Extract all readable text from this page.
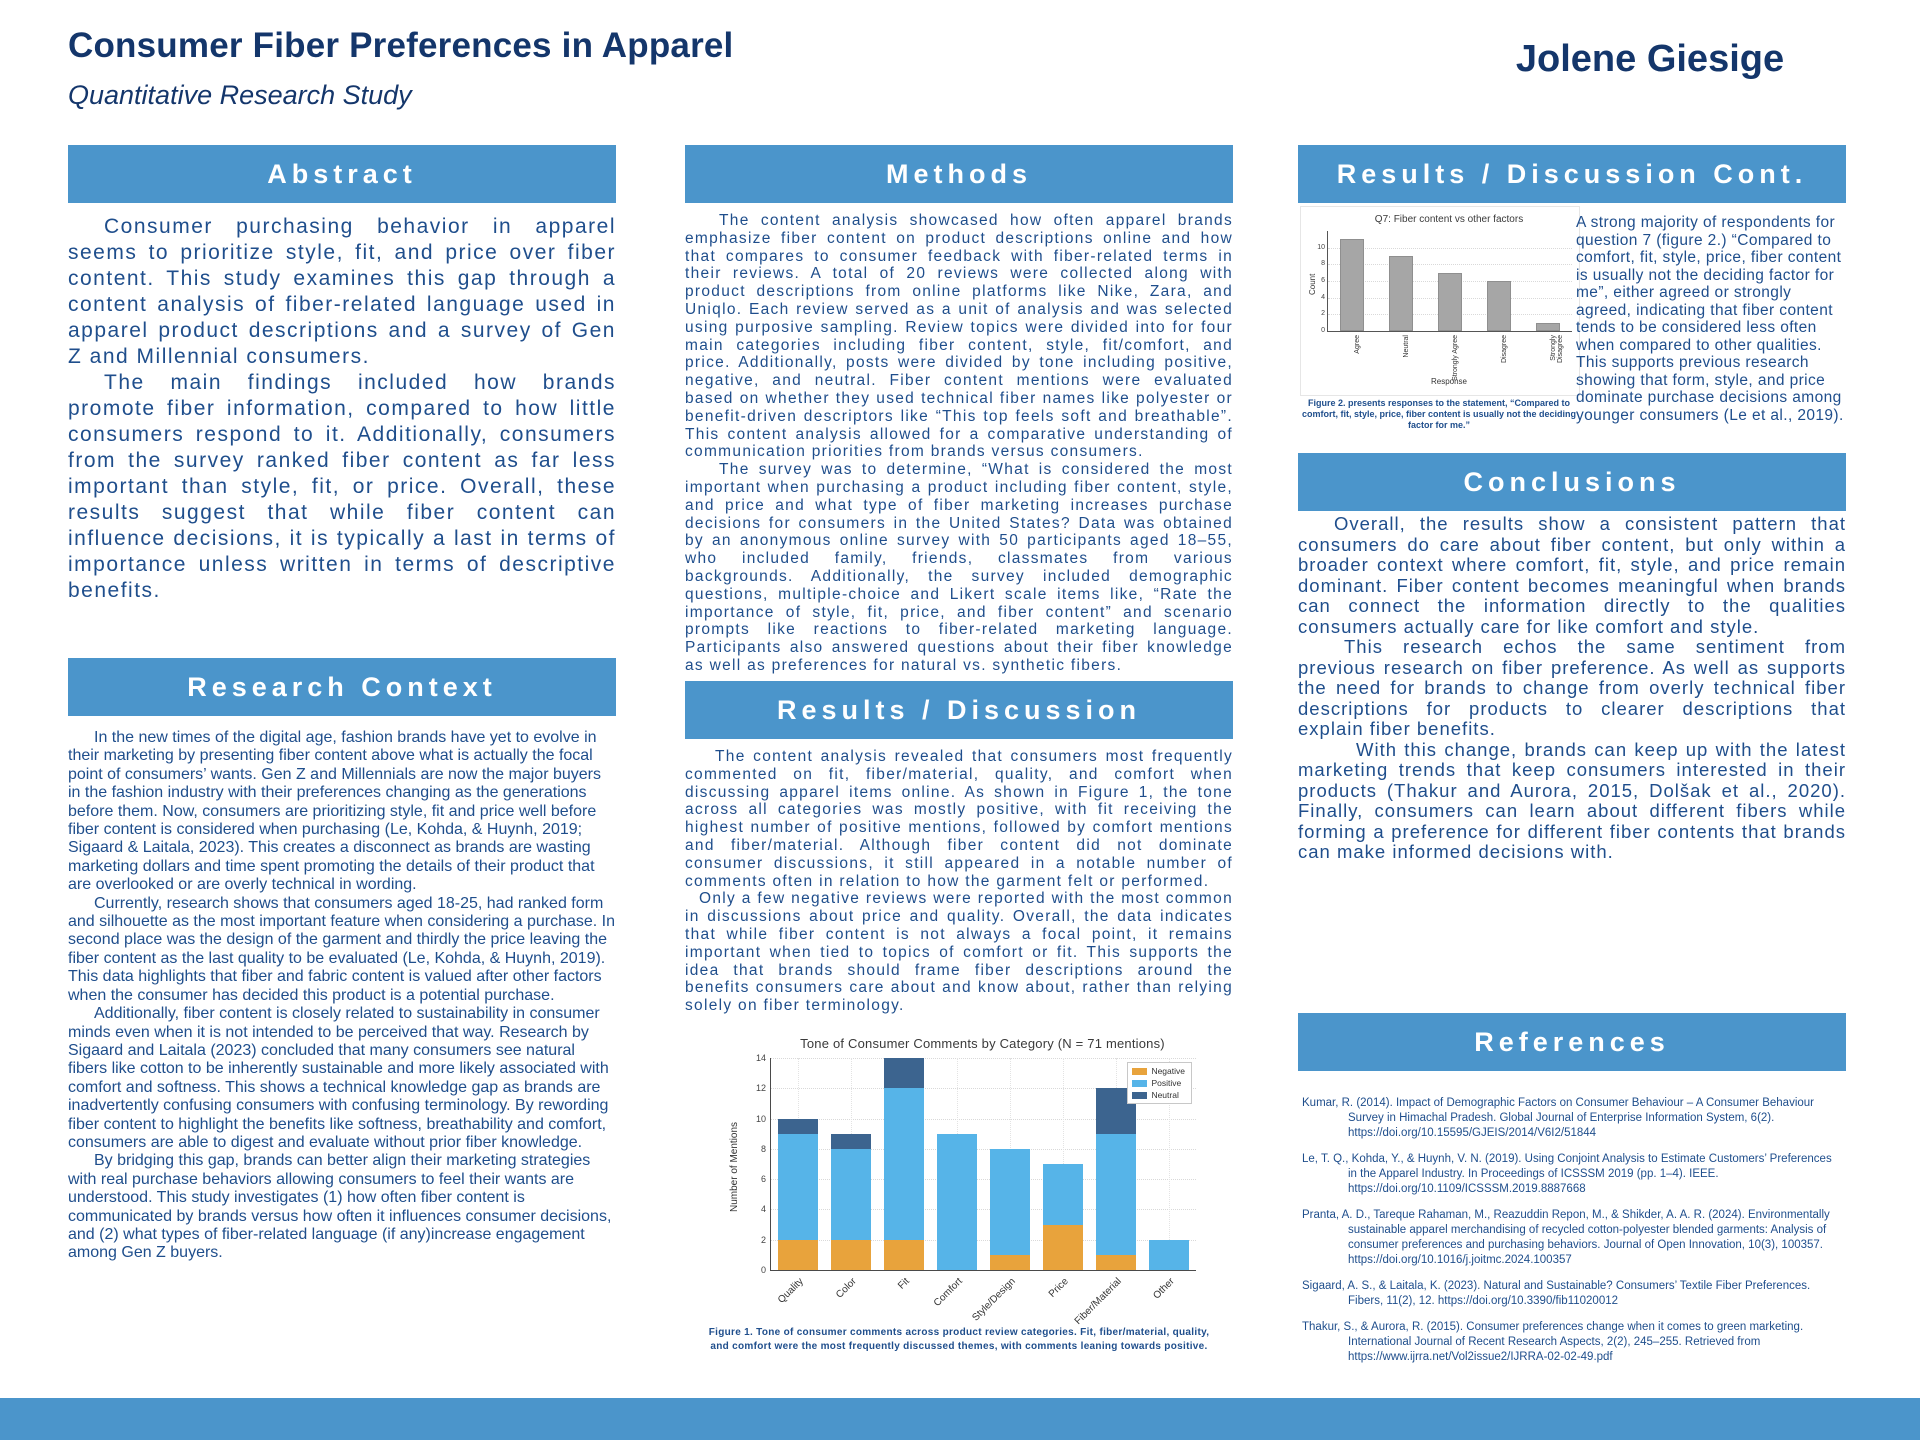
Consumer Fiber Preferences in Apparel
Quantitative Research Study
Jolene Giesige
Abstract

Consumer purchasing behavior in apparel seems to prioritize style, fit, and price over fiber content. This study examines this gap through a content analysis of fiber-related language used in apparel product descriptions and a survey of Gen Z and Millennial consumers.

The main findings included how brands promote fiber information, compared to how little consumers respond to it. Additionally, consumers from the survey ranked fiber content as far less important than style, fit, or price. Overall, these results suggest that while fiber content can influence decisions, it is typically a last in terms of importance unless written in terms of descriptive benefits.

Research Context

In the new times of the digital age, fashion brands have yet to evolve in their marketing by presenting fiber content above what is actually the focal point of consumers’ wants. Gen Z and Millennials are now the major buyers in the fashion industry with their preferences changing as the generations before them. Now, consumers are prioritizing style, fit and price well before fiber content is considered when purchasing (Le, Kohda, & Huynh, 2019; Sigaard & Laitala, 2023). This creates a disconnect as brands are wasting marketing dollars and time spent promoting the details of their product that are overlooked or are overly technical in wording.

Currently, research shows that consumers aged 18-25, had ranked form and silhouette as the most important feature when considering a purchase. In second place was the design of the garment and thirdly the price leaving the fiber content as the last quality to be evaluated (Le, Kohda, & Huynh, 2019). This data highlights that fiber and fabric content is valued after other factors when the consumer has decided this product is a potential purchase.

Additionally, fiber content is closely related to sustainability in consumer minds even when it is not intended to be perceived that way. Research by Sigaard and Laitala (2023) concluded that many consumers see natural fibers like cotton to be inherently sustainable and more likely associated with comfort and softness. This shows a technical knowledge gap as brands are inadvertently confusing consumers with confusing terminology. By rewording fiber content to highlight the benefits like softness, breathability and comfort, consumers are able to digest and evaluate without prior fiber knowledge.

By bridging this gap, brands can better align their marketing strategies with real purchase behaviors allowing consumers to feel their wants are understood. This study investigates (1) how often fiber content is communicated by brands versus how often it influences consumer decisions, and (2) what types of fiber-related language (if any)increase engagement among Gen Z buyers.

Methods

The content analysis showcased how often apparel brands emphasize fiber content on product descriptions online and how that compares to consumer feedback with fiber-related terms in their reviews. A total of 20 reviews were collected along with product descriptions from online platforms like Nike, Zara, and Uniqlo. Each review served as a unit of analysis and was selected using purposive sampling. Review topics were divided into for four main categories including fiber content, style, fit/comfort, and price. Additionally, posts were divided by tone including positive, negative, and neutral. Fiber content mentions were evaluated based on whether they used technical fiber names like polyester or benefit-driven descriptors like “This top feels soft and breathable”. This content analysis allowed for a comparative understanding of communication priorities from brands versus consumers.

The survey was to determine, “What is considered the most important when purchasing a product including fiber content, style, and price and what type of fiber marketing increases purchase decisions for consumers in the United States? Data was obtained by an anonymous online survey with 50 participants aged 18–55, who included family, friends, classmates from various backgrounds. Additionally, the survey included demographic questions, multiple-choice and Likert scale items like, “Rate the importance of style, fit, price, and fiber content” and scenario prompts like reactions to fiber-related marketing language. Participants also answered questions about their fiber knowledge as well as preferences for natural vs. synthetic fibers.

Results / Discussion

The content analysis revealed that consumers most frequently commented on fit, fiber/material, quality, and comfort when discussing apparel items online. As shown in Figure 1, the tone across all categories was mostly positive, with fit receiving the highest number of positive mentions, followed by comfort mentions and fiber/material. Although fiber content did not dominate consumer discussions, it still appeared in a notable number of comments often in relation to how the garment felt or performed.

Only a few negative reviews were reported with the most common in discussions about price and quality. Overall, the data indicates that while fiber content is not always a focal point, it remains important when tied to topics of comfort or fit. This supports the idea that brands should frame fiber descriptions around the benefits consumers care about and know about, rather than relying solely on fiber terminology.

Tone of Consumer Comments by Category (N = 71 mentions)
Number of Mentions
Negative
Positive
Neutral
0
2
4
6
8
10
12
14
Quality	Color	Fit	Comfort Style/Design	Price Fiber/Material	Other
Figure 1. Tone of consumer comments across product review categories. Fit, fiber/material, quality, and comfort were the most frequently discussed themes, with comments leaning towards positive.
Results / Discussion Cont.
Q7: Fiber content vs other factors
Count
0
2
4
6
8
10
Response
Agree	Neutral	Strongly Agree	Disagree	Strongly Disagree
A strong majority of respondents for question 7 (figure 2.) “Compared to comfort, fit, style, price, fiber content is usually not the deciding factor for me”, either agreed or strongly agreed, indicating that fiber content tends to be considered less often when compared to other qualities. This supports previous research showing that form, style, and price dominate purchase decisions among younger consumers (Le et al., 2019).
Figure 2. presents responses to the statement, “Compared to comfort, fit, style, price, fiber content is usually not the deciding factor for me.”
Conclusions

Overall, the results show a consistent pattern that consumers do care about fiber content, but only within a broader context where comfort, fit, style, and price remain dominant. Fiber content becomes meaningful when brands can connect the information directly to the qualities consumers actually care for like comfort and style.

This research echos the same sentiment from previous research on fiber preference. As well as supports the need for brands to change from overly technical fiber descriptions for products to clearer descriptions that explain fiber benefits.

With this change, brands can keep up with the latest marketing trends that keep consumers interested in their products (Thakur and Aurora, 2015, Dolšak et al., 2020). Finally, consumers can learn about different fibers while forming a preference for different fiber contents that brands can make informed decisions with.

References

Kumar, R. (2014). Impact of Demographic Factors on Consumer Behaviour – A Consumer Behaviour Survey in Himachal Pradesh. Global Journal of Enterprise Information System, 6(2). https://doi.org/10.15595/GJEIS/2014/V6I2/51844

Le, T. Q., Kohda, Y., & Huynh, V. N. (2019). Using Conjoint Analysis to Estimate Customers’ Preferences in the Apparel Industry. In Proceedings of ICSSSM 2019 (pp. 1–4). IEEE. https://doi.org/10.1109/ICSSSM.2019.8887668

Pranta, A. D., Tareque Rahaman, M., Reazuddin Repon, M., & Shikder, A. A. R. (2024). Environmentally sustainable apparel merchandising of recycled cotton-polyester blended garments: Analysis of consumer preferences and purchasing behaviors. Journal of Open Innovation, 10(3), 100357. https://doi.org/10.1016/j.joitmc.2024.100357

Sigaard, A. S., & Laitala, K. (2023). Natural and Sustainable? Consumers’ Textile Fiber Preferences. Fibers, 11(2), 12. https://doi.org/10.3390/fib11020012

Thakur, S., & Aurora, R. (2015). Consumer preferences change when it comes to green marketing. International Journal of Recent Research Aspects, 2(2), 245–255. Retrieved from https://www.ijrra.net/Vol2issue2/IJRRA-02-02-49.pdf
